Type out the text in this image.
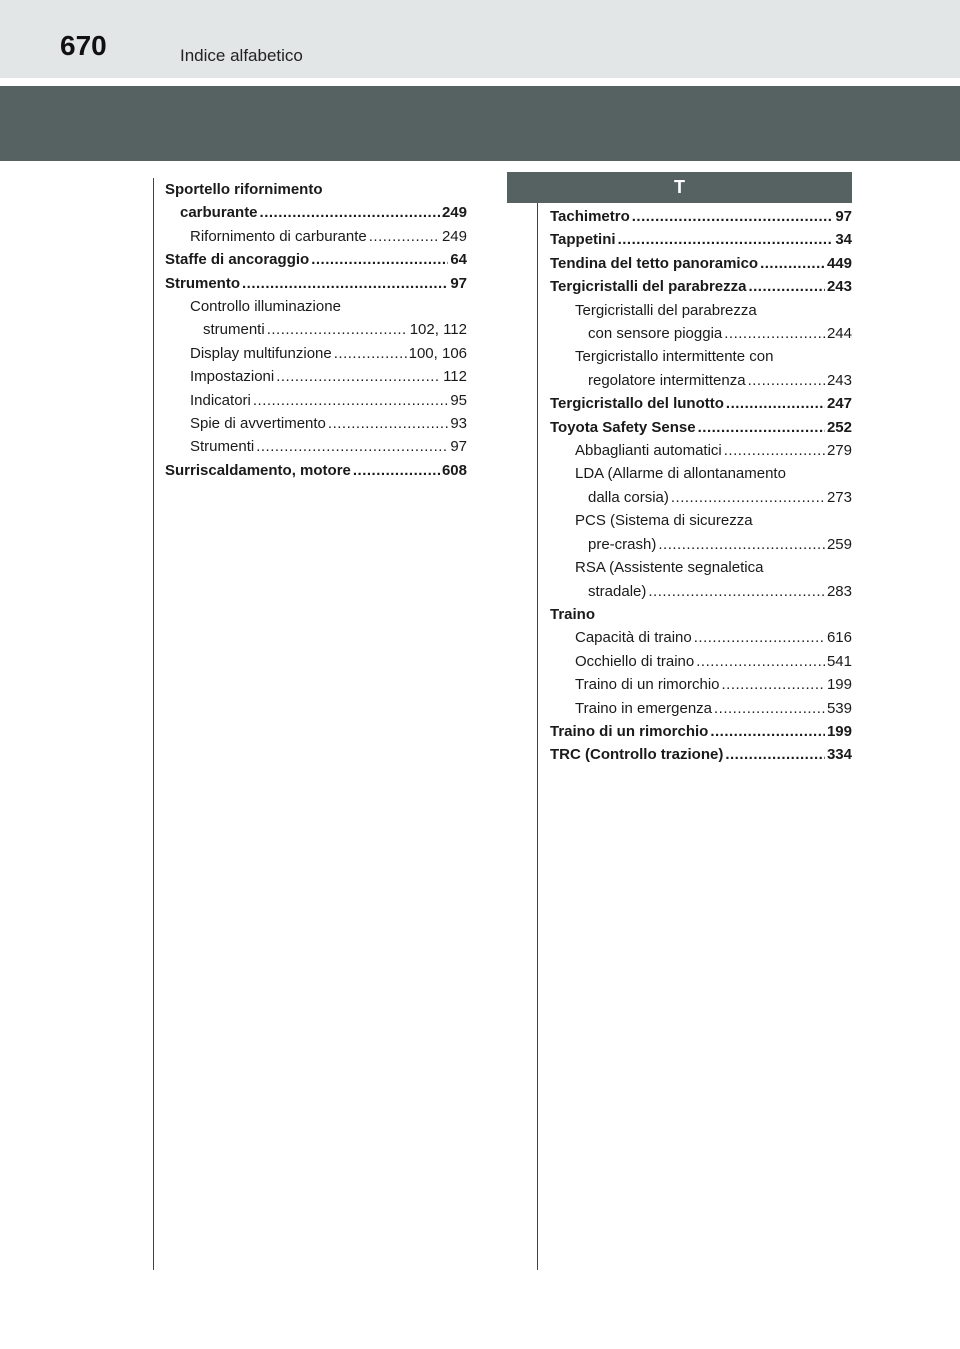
670	Indice alfabetico
T
Sportello rifornimento
carburante .....	249
Rifornimento di carburante .....	249
Staffe di ancoraggio .....	64
Strumento .....	97
Controllo illuminazione
strumenti .....	102, 112
Display multifunzione .....	100, 106
Impostazioni .....	112
Indicatori .....	95
Spie di avvertimento .....	93
Strumenti .....	97
Surriscaldamento, motore .....	608
Tachimetro .....	97
Tappetini .....	34
Tendina del tetto panoramico .....	449
Tergicristalli del parabrezza .....	243
Tergicristalli del parabrezza
con sensore pioggia .....	244
Tergicristallo intermittente con
regolatore intermittenza .....	243
Tergicristallo del lunotto .....	247
Toyota Safety Sense .....	252
Abbaglianti automatici .....	279
LDA (Allarme di allontanamento
dalla corsia) .....	273
PCS (Sistema di sicurezza
pre-crash) .....	259
RSA (Assistente segnaletica
stradale) .....	283
Traino
Capacità di traino .....	616
Occhiello di traino .....	541
Traino di un rimorchio .....	199
Traino in emergenza .....	539
Traino di un rimorchio .....	199
TRC (Controllo trazione) .....	334
